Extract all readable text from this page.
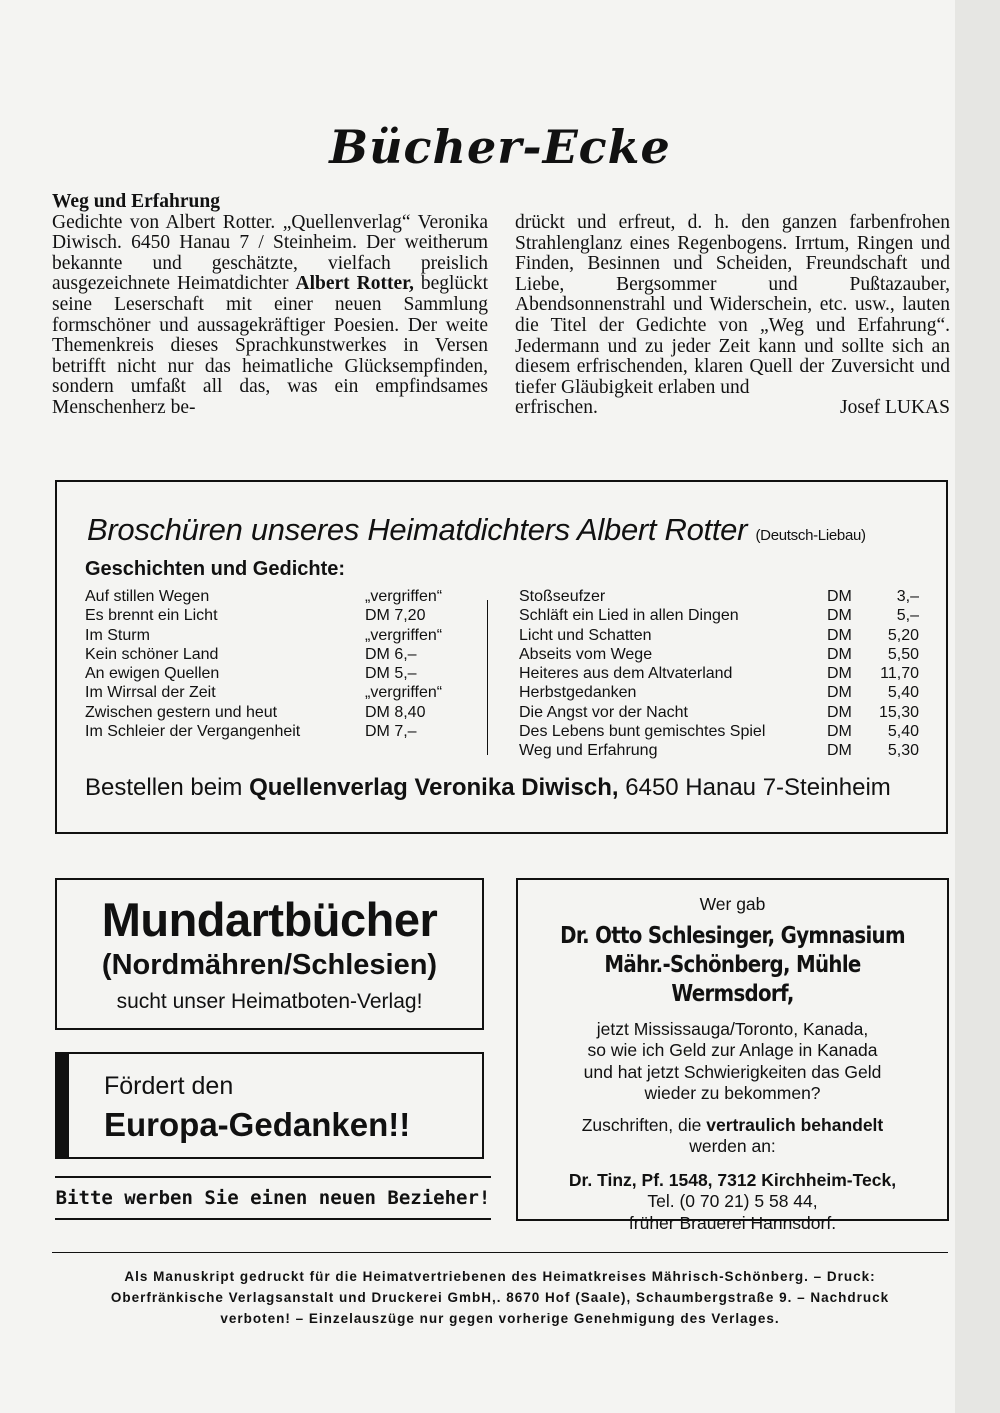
Bücher-Ecke

Weg und Erfahrung

Gedichte von Albert Rotter. „Quellenverlag“ Veronika Diwisch. 6450 Hanau 7 / Steinheim. Der weitherum bekannte und geschätzte, vielfach preislich ausgezeichnete Heimatdichter Albert Rotter, beglückt seine Leserschaft mit einer neuen Sammlung formschöner und aussagekräftiger Poesien. Der weite Themenkreis dieses Sprachkunstwerkes in Versen betrifft nicht nur das heimatliche Glücksempfinden, sondern umfaßt all das, was ein empfindsames Menschenherz be-

drückt und erfreut, d. h. den ganzen farbenfrohen Strahlenglanz eines Regenbogens. Irrtum, Ringen und Finden, Besinnen und Scheiden, Freundschaft und Liebe, Bergsommer und Pußtazauber, Abendsonnenstrahl und Widerschein, etc. usw., lauten die Titel der Gedichte von „Weg und Erfahrung“. Jedermann und zu jeder Zeit kann und sollte sich an diesem erfrischenden, klaren Quell der Zuversicht und tiefer Gläubigkeit erlaben und

erfrischen.	Josef LUKAS
Broschüren unseres Heimatdichters Albert Rotter (Deutsch-Liebau)
Geschichten und Gedichte:
Auf stillen Wegen	„vergriffen“
Es brennt ein Licht	DM 7,20
Im Sturm	„vergriffen“
Kein schöner Land	DM 6,–
An ewigen Quellen	DM 5,–
Im Wirrsal der Zeit	„vergriffen“
Zwischen gestern und heut	DM 8,40
Im Schleier der Vergangenheit	DM 7,–
Stoßseufzer	DM	3,–
Schläft ein Lied in allen Dingen	DM	5,–
Licht und Schatten	DM	5,20
Abseits vom Wege	DM	5,50
Heiteres aus dem Altvaterland	DM	11,70
Herbstgedanken	DM	5,40
Die Angst vor der Nacht	DM	15,30
Des Lebens bunt gemischtes Spiel	DM	5,40
Weg und Erfahrung	DM	5,30
Bestellen beim Quellenverlag Veronika Diwisch, 6450 Hanau 7-Steinheim
Mundartbücher
(Nordmähren/Schlesien)
sucht unser Heimatboten-Verlag!
Fördert den
Europa-Gedanken!!
Bitte werben Sie einen neuen Bezieher!
Wer gab
Dr. Otto Schlesinger, Gymnasium
Mähr.-Schönberg, Mühle Wermsdorf,
jetzt Mississauga/Toronto, Kanada,
so wie ich Geld zur Anlage in Kanada
und hat jetzt Schwierigkeiten das Geld
wieder zu bekommen?
Zuschriften, die vertraulich behandelt
werden an:
Dr. Tinz, Pf. 1548, 7312 Kirchheim-Teck,
Tel. (0 70 21) 5 58 44,
früher Brauerei Hannsdorf.
Als Manuskript gedruckt für die Heimatvertriebenen des Heimatkreises Mährisch-Schönberg. – Druck:
Oberfränkische Verlagsanstalt und Druckerei GmbH,. 8670 Hof (Saale), Schaumbergstraße 9. – Nachdruck
verboten! – Einzelauszüge nur gegen vorherige Genehmigung des Verlages.
